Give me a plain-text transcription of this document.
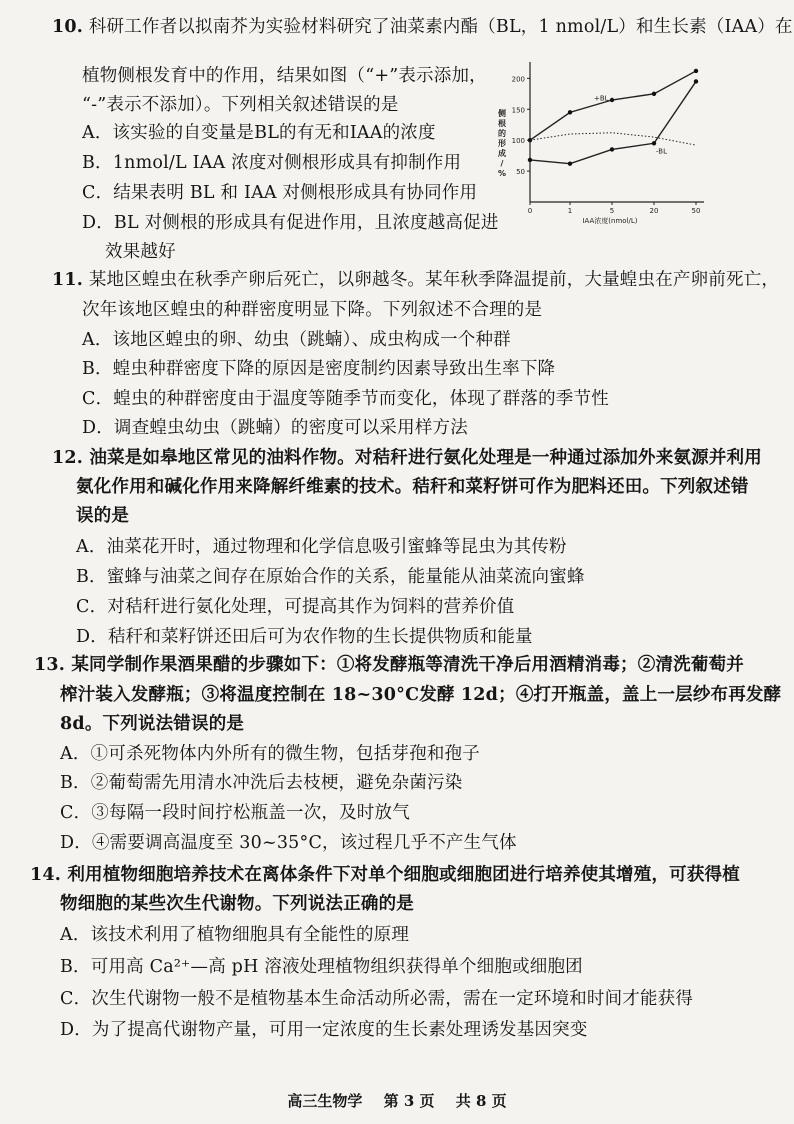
10. 科研工作者以拟南芥为实验材料研究了油菜素内酯（BL，1 nmol/L）和生长素（IAA）在
植物侧根发育中的作用，结果如图（“+”表示添加，
“-”表示不添加）。下列相关叙述错误的是
A．该实验的自变量是BL的有无和IAA的浓度
B．1nmol/L IAA 浓度对侧根形成具有抑制作用
C．结果表明 BL 和 IAA 对侧根形成具有协同作用
D．BL 对侧根的形成具有促进作用，且浓度越高促进
效果越好
50
100
150
200
0	1	5	20	50
IAA浓度(nmol/L)
侧
根
的
形
成
/
%
+BL
-BL
11. 某地区蝗虫在秋季产卵后死亡，以卵越冬。某年秋季降温提前，大量蝗虫在产卵前死亡，
次年该地区蝗虫的种群密度明显下降。下列叙述不合理的是
A．该地区蝗虫的卵、幼虫（跳蝻）、成虫构成一个种群
B．蝗虫种群密度下降的原因是密度制约因素导致出生率下降
C．蝗虫的种群密度由于温度等随季节而变化，体现了群落的季节性
D．调查蝗虫幼虫（跳蝻）的密度可以采用样方法
12. 油菜是如皋地区常见的油料作物。对秸秆进行氨化处理是一种通过添加外来氨源并利用
氨化作用和碱化作用来降解纤维素的技术。秸秆和菜籽饼可作为肥料还田。下列叙述错
误的是
A．油菜花开时，通过物理和化学信息吸引蜜蜂等昆虫为其传粉
B．蜜蜂与油菜之间存在原始合作的关系，能量能从油菜流向蜜蜂
C．对秸秆进行氨化处理，可提高其作为饲料的营养价值
D．秸秆和菜籽饼还田后可为农作物的生长提供物质和能量
13. 某同学制作果酒果醋的步骤如下：①将发酵瓶等清洗干净后用酒精消毒；②清洗葡萄并
榨汁装入发酵瓶；③将温度控制在 18~30°C发酵 12d；④打开瓶盖，盖上一层纱布再发酵
8d。下列说法错误的是
A．①可杀死物体内外所有的微生物，包括芽孢和孢子
B．②葡萄需先用清水冲洗后去枝梗，避免杂菌污染
C．③每隔一段时间拧松瓶盖一次，及时放气
D．④需要调高温度至 30~35°C，该过程几乎不产生气体
14. 利用植物细胞培养技术在离体条件下对单个细胞或细胞团进行培养使其增殖，可获得植
物细胞的某些次生代谢物。下列说法正确的是
A．该技术利用了植物细胞具有全能性的原理
B．可用高 Ca²⁺—高 pH 溶液处理植物组织获得单个细胞或细胞团
C．次生代谢物一般不是植物基本生命活动所必需，需在一定环境和时间才能获得
D．为了提高代谢物产量，可用一定浓度的生长素处理诱发基因突变
高三生物学 第 3 页 共 8 页
